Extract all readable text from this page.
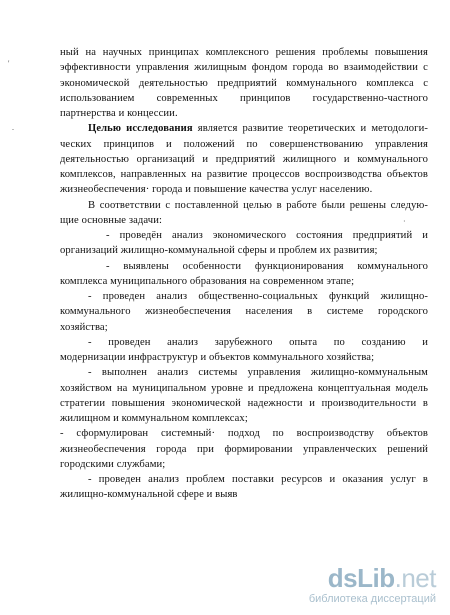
'
.
·

ный на научных принципах комплексного решения проблемы повышения

эффективности управления жилищным фондом города во взаимодействии с

экономической деятельностью предприятий коммунального комплекса с

использованием современных принципов государственно-частного

партнерства и концессии.

Целью исследования является развитие теоретических и методологи-

ческих принципов и положений по совершенствованию управления

деятельностью организаций и предприятий жилищного и коммунального

комплексов, направленных на развитие процессов воспроизводства объектов

жизнеобеспечения· города и повышение качества услуг населению.

В соответствии с поставленной целью в работе были решены следую-

щие основные задачи:

- проведён анализ экономического состояния предприятий и

организаций жилищно-коммунальной сферы и проблем их развития;

- выявлены особенности функционирования коммунального

комплекса муниципального образования на современном этапе;

- проведен анализ общественно-социальных функций жилищно-

коммунального жизнеобеспечения населения в системе городского

хозяйства;

- проведен анализ зарубежного опыта по созданию и

модернизации инфраструктур и объектов коммунального хозяйства;

- выполнен анализ системы управления жилищно-коммунальным

хозяйством на муниципальном уровне и предложена концептуальная модель

стратегии повышения экономической надежности и производительности в

жилищном и коммунальном комплексах;

- сформулирован системный· подход по воспроизводству объектов

жизнеобеспечения города при формировании управленческих решений

городскими службами;

- проведен анализ проблем поставки ресурсов и оказания услуг в

жилищно-коммунальной сфере и выяв

dsLib.net
библиотека диссертаций
